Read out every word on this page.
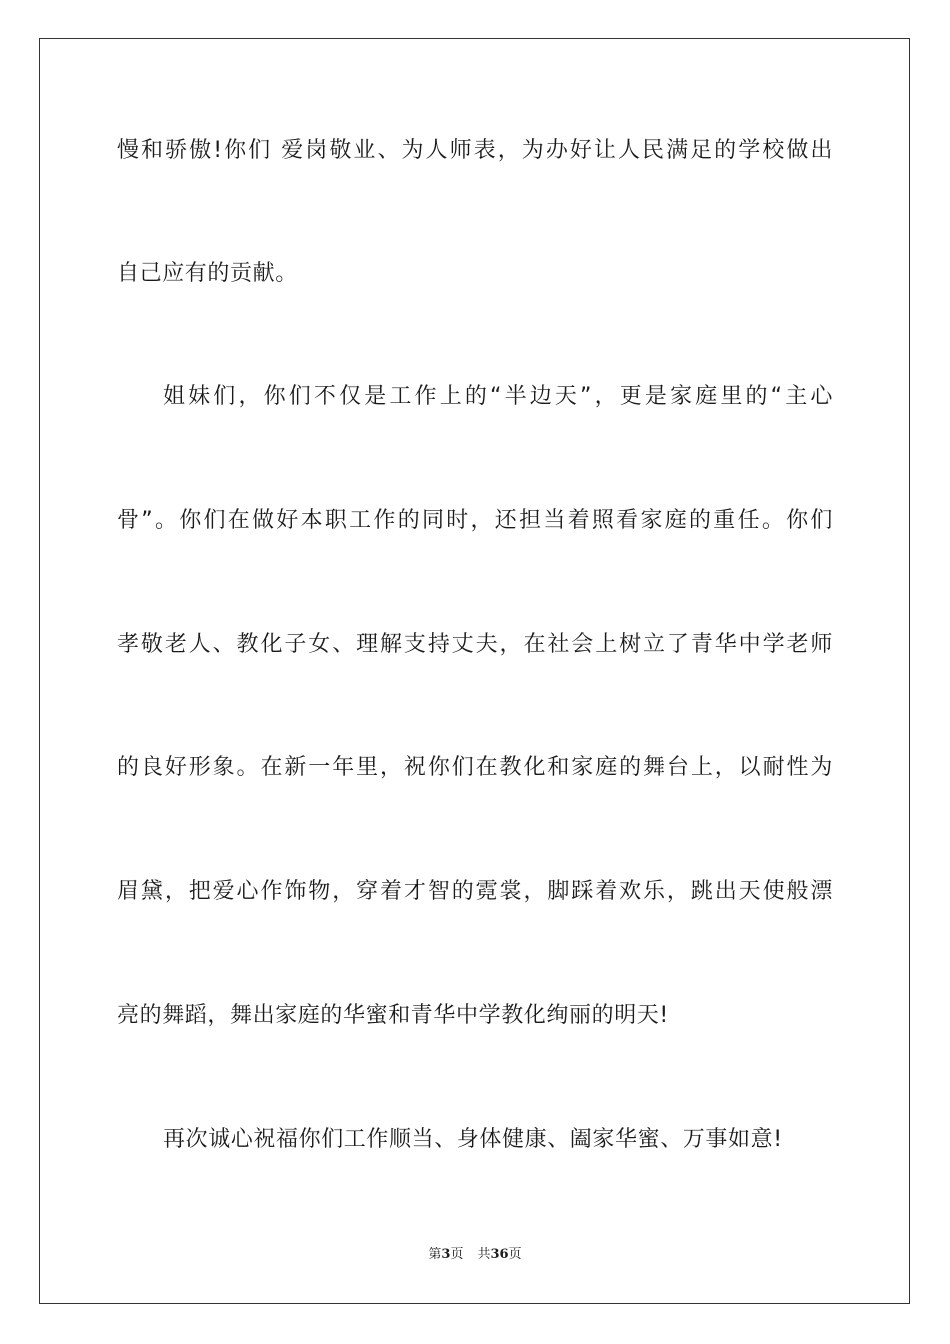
慢和骄傲!你们 爱岗敬业、为人师表，为办好让人民满足的学校做出
自己应有的贡献。
姐妹们，你们不仅是工作上的“半边天”，更是家庭里的“主心
骨”。你们在做好本职工作的同时，还担当着照看家庭的重任。你们
孝敬老人、教化子女、理解支持丈夫，在社会上树立了青华中学老师
的良好形象。在新一年里，祝你们在教化和家庭的舞台上，以耐性为
眉黛，把爱心作饰物，穿着才智的霓裳，脚踩着欢乐，跳出天使般漂
亮的舞蹈，舞出家庭的华蜜和青华中学教化绚丽的明天!
再次诚心祝福你们工作顺当、身体健康、阖家华蜜、万事如意!
第3页 共36页
